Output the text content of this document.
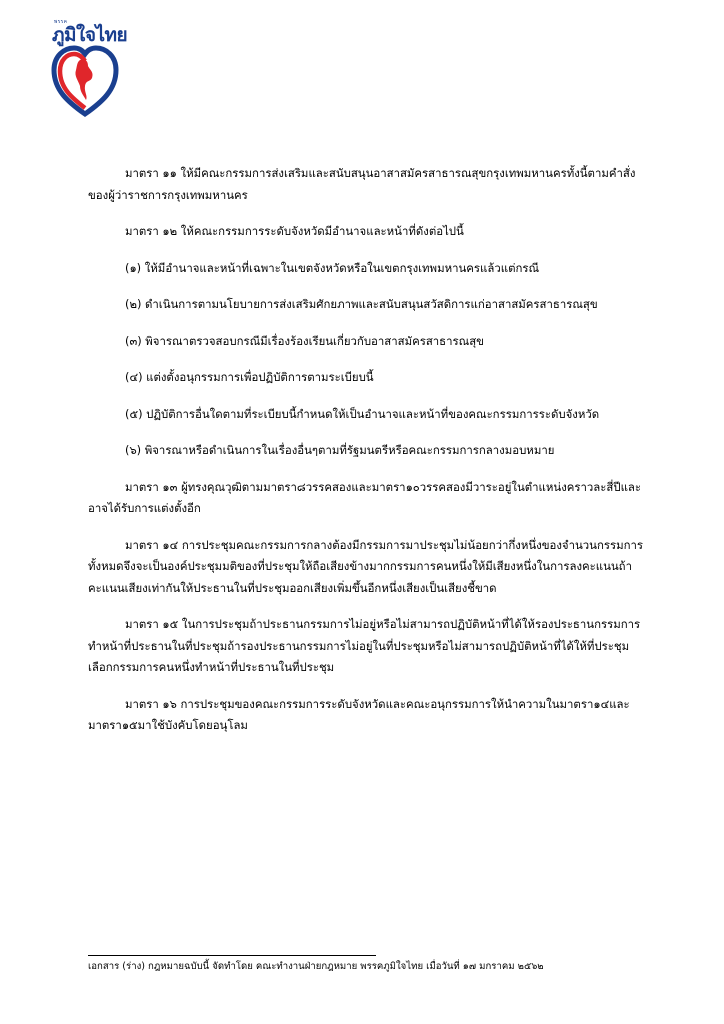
พรรค
ภูมิใจไทย

มาตรา ๑๑ ให้มีคณะกรรมการส่งเสริมและสนับสนุนอาสาสมัครสาธารณสุขกรุงเทพมหานครทั้งนี้ตามคำสั่งของผู้ว่าราชการกรุงเทพมหานคร

มาตรา ๑๒ ให้คณะกรรมการระดับจังหวัดมีอำนาจและหน้าที่ดังต่อไปนี้

(๑) ให้มีอำนาจและหน้าที่เฉพาะในเขตจังหวัดหรือในเขตกรุงเทพมหานครแล้วแต่กรณี

(๒) ดำเนินการตามนโยบายการส่งเสริมศักยภาพและสนับสนุนสวัสดิการแก่อาสาสมัครสาธารณสุข

(๓) พิจารณาตรวจสอบกรณีมีเรื่องร้องเรียนเกี่ยวกับอาสาสมัครสาธารณสุข

(๔) แต่งตั้งอนุกรรมการเพื่อปฏิบัติการตามระเบียบนี้

(๕) ปฏิบัติการอื่นใดตามที่ระเบียบนี้กำหนดให้เป็นอำนาจและหน้าที่ของคณะกรรมการระดับจังหวัด

(๖) พิจารณาหรือดำเนินการในเรื่องอื่นๆตามที่รัฐมนตรีหรือคณะกรรมการกลางมอบหมาย

มาตรา ๑๓ ผู้ทรงคุณวุฒิตามมาตรา๘วรรคสองและมาตรา๑๐วรรคสองมีวาระอยู่ในตำแหน่งคราวละสี่ปีและอาจได้รับการแต่งตั้งอีก

มาตรา ๑๔ การประชุมคณะกรรมการกลางต้องมีกรรมการมาประชุมไม่น้อยกว่ากึ่งหนึ่งของจำนวนกรรมการทั้งหมดจึงจะเป็นองค์ประชุมมติของที่ประชุมให้ถือเสียงข้างมากกรรมการคนหนึ่งให้มีเสียงหนึ่งในการลงคะแนนถ้าคะแนนเสียงเท่ากันให้ประธานในที่ประชุมออกเสียงเพิ่มขึ้นอีกหนึ่งเสียงเป็นเสียงชี้ขาด

มาตรา ๑๕ ในการประชุมถ้าประธานกรรมการไม่อยู่หรือไม่สามารถปฏิบัติหน้าที่ได้ให้รองประธานกรรมการทำหน้าที่ประธานในที่ประชุมถ้ารองประธานกรรมการไม่อยู่ในที่ประชุมหรือไม่สามารถปฏิบัติหน้าที่ได้ให้ที่ประชุมเลือกกรรมการคนหนึ่งทำหน้าที่ประธานในที่ประชุม

มาตรา ๑๖ การประชุมของคณะกรรมการระดับจังหวัดและคณะอนุกรรมการให้นำความในมาตรา๑๔และมาตรา๑๕มาใช้บังคับโดยอนุโลม

เอกสาร (ร่าง) กฎหมายฉบับนี้ จัดทำโดย คณะทำงานฝ่ายกฎหมาย พรรคภูมิใจไทย เมื่อวันที่ ๑๗ มกราคม ๒๕๖๒
